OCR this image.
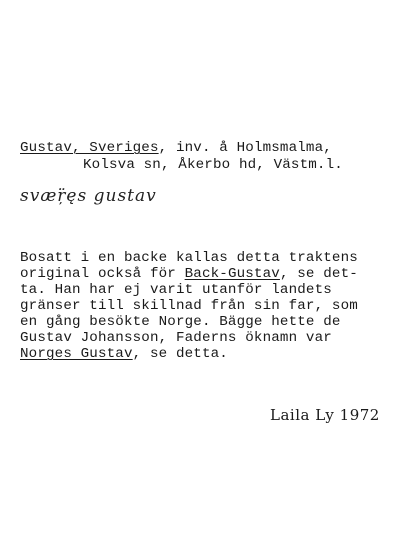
Gustav, Sveriges, inv. å Holmsmalma,
Kolsva sn, Åkerbo hd, Västm.l.
svæŗ̈ęs gustav
Bosatt i en backe kallas detta traktens
original också för Back-Gustav, se det-
ta. Han har ej varit utanför landets
gränser till skillnad från sin far, som
en gång besökte Norge. Bägge hette de
Gustav Johansson, Faderns öknamn var
Norges Gustav, se detta.
Laila Ly 1972
